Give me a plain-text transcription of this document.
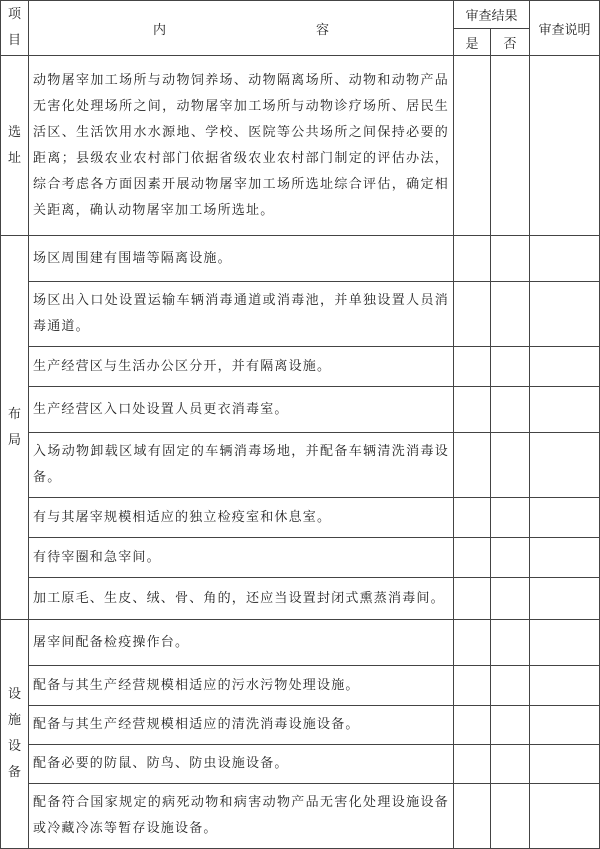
项
目	内 容	审查结果		审查说明
		是	否	

选
址	动物屠宰加工场所与动物饲养场、动物隔离场所、动物和动物产品无害化处理场所之间，动物屠宰加工场所与动物诊疗场所、居民生活区、生活饮用水水源地、学校、医院等公共场所之间保持必要的距离；县级农业农村部门依据省级农业农村部门制定的评估办法，综合考虑各方面因素开展动物屠宰加工场所选址综合评估，确定相关距离，确认动物屠宰加工场所选址。			

布
局	场区周围建有围墙等隔离设施。			
	场区出入口处设置运输车辆消毒通道或消毒池，并单独设置人员消毒通道。			
	生产经营区与生活办公区分开，并有隔离设施。			
	生产经营区入口处设置人员更衣消毒室。			
	入场动物卸载区域有固定的车辆消毒场地，并配备车辆清洗消毒设备。			
	有与其屠宰规模相适应的独立检疫室和休息室。			
	有待宰圈和急宰间。			
	加工原毛、生皮、绒、骨、角的，还应当设置封闭式熏蒸消毒间。			

设
施
设
备	屠宰间配备检疫操作台。			
	配备与其生产经营规模相适应的污水污物处理设施。			
	配备与其生产经营规模相适应的清洗消毒设施设备。			
	配备必要的防鼠、防鸟、防虫设施设备。			
	配备符合国家规定的病死动物和病害动物产品无害化处理设施设备或冷藏冷冻等暂存设施设备。			
